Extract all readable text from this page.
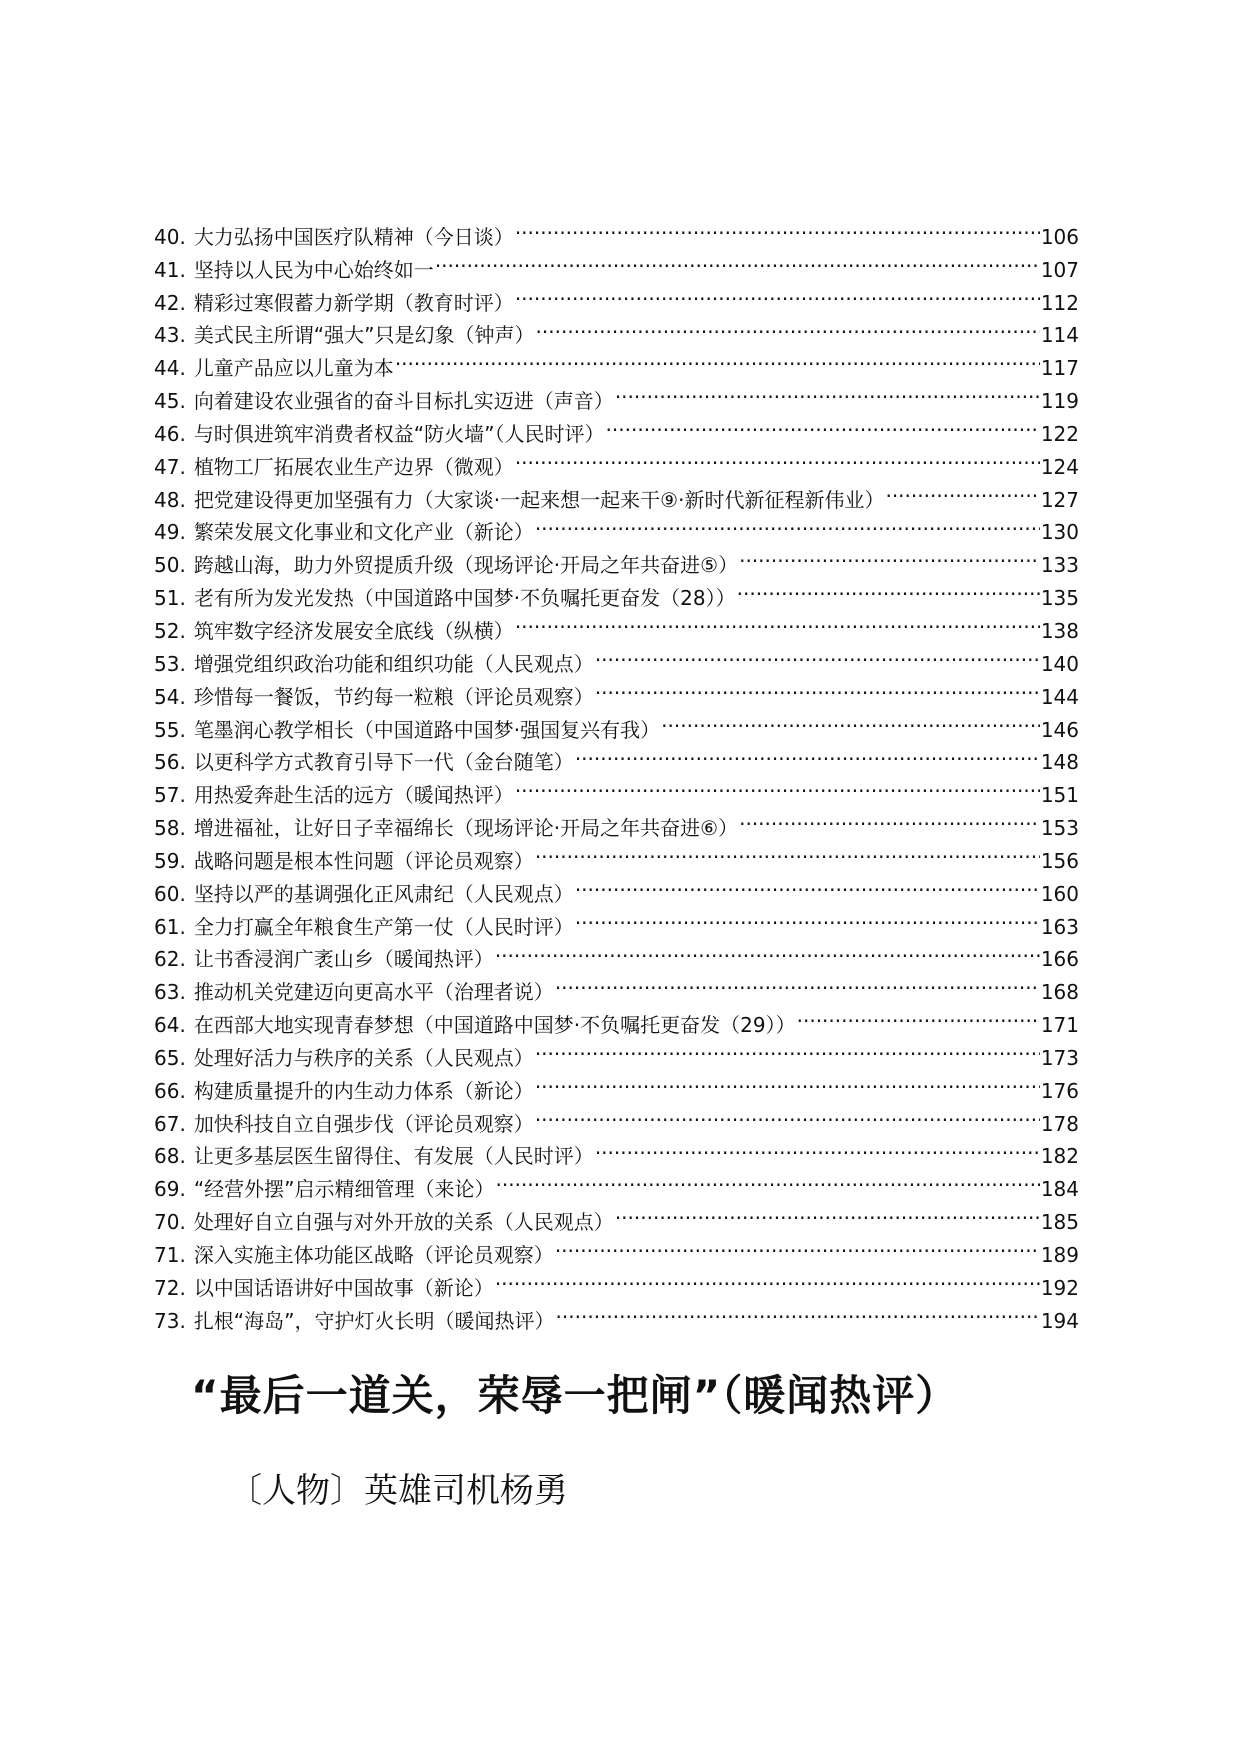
40. 大力弘扬中国医疗队精神（今日谈） .....	106
41. 坚持以人民为中心始终如一 .....	107
42. 精彩过寒假蓄力新学期（教育时评） .....	112
43. 美式民主所谓“强大”只是幻象（钟声） .....	114
44. 儿童产品应以儿童为本 .....	117
45. 向着建设农业强省的奋斗目标扎实迈进（声音） .....	119
46. 与时俱进筑牢消费者权益“防火墙”（人民时评） .....	122
47. 植物工厂拓展农业生产边界（微观） .....	124
48. 把党建设得更加坚强有力（大家谈·一起来想一起来干⑨·新时代新征程新伟业） .....	127
49. 繁荣发展文化事业和文化产业（新论） .....	130
50. 跨越山海，助力外贸提质升级（现场评论·开局之年共奋进⑤） .....	133
51. 老有所为发光发热（中国道路中国梦·不负嘱托更奋发（28）） .....	135
52. 筑牢数字经济发展安全底线（纵横） .....	138
53. 增强党组织政治功能和组织功能（人民观点） .....	140
54. 珍惜每一餐饭，节约每一粒粮（评论员观察） .....	144
55. 笔墨润心教学相长（中国道路中国梦·强国复兴有我） .....	146
56. 以更科学方式教育引导下一代（金台随笔） .....	148
57. 用热爱奔赴生活的远方（暖闻热评） .....	151
58. 增进福祉，让好日子幸福绵长（现场评论·开局之年共奋进⑥） .....	153
59. 战略问题是根本性问题（评论员观察） .....	156
60. 坚持以严的基调强化正风肃纪（人民观点） .....	160
61. 全力打赢全年粮食生产第一仗（人民时评） .....	163
62. 让书香浸润广袤山乡（暖闻热评） .....	166
63. 推动机关党建迈向更高水平（治理者说） .....	168
64. 在西部大地实现青春梦想（中国道路中国梦·不负嘱托更奋发（29）） .....	171
65. 处理好活力与秩序的关系（人民观点） .....	173
66. 构建质量提升的内生动力体系（新论） .....	176
67. 加快科技自立自强步伐（评论员观察） .....	178
68. 让更多基层医生留得住、有发展（人民时评） .....	182
69. “经营外摆”启示精细管理（来论） .....	184
70. 处理好自立自强与对外开放的关系（人民观点） .....	185
71. 深入实施主体功能区战略（评论员观察） .....	189
72. 以中国话语讲好中国故事（新论） .....	192
73. 扎根“海岛”，守护灯火长明（暖闻热评） .....	194
“最后一道关，荣辱一把闸”（暖闻热评）
〔人物〕英雄司机杨勇
